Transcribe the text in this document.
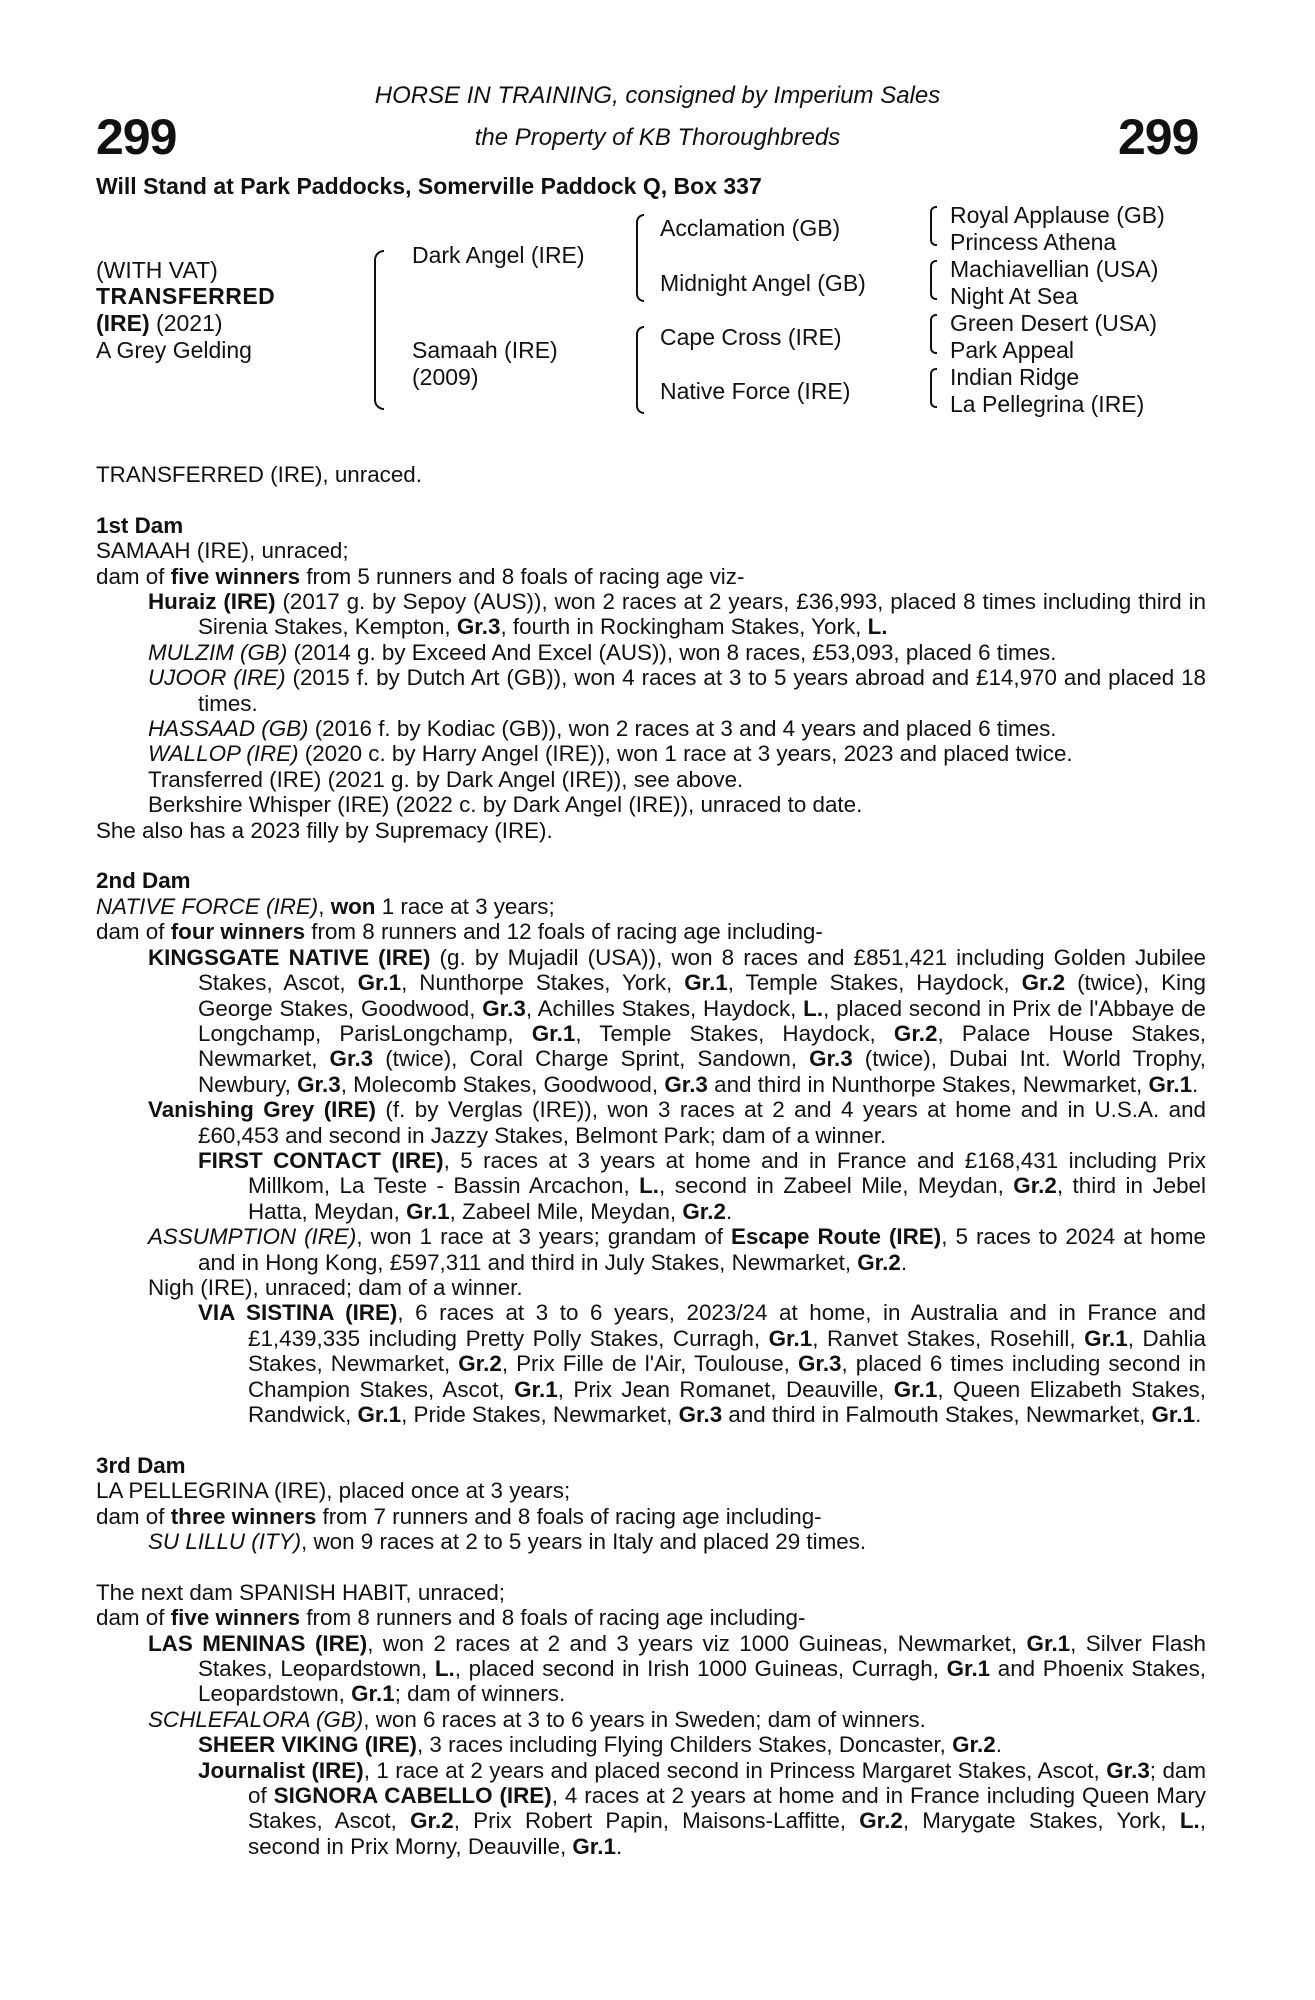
299	299
HORSE IN TRAINING, consigned by Imperium Sales
the Property of KB Thoroughbreds
Will Stand at Park Paddocks, Somerville Paddock Q, Box 337
(WITH VAT)
TRANSFERRED
(IRE) (2021)
A Grey Gelding
Dark Angel (IRE)
Samaah (IRE)
(2009)
Acclamation (GB)
Midnight Angel (GB)
Cape Cross (IRE)
Native Force (IRE)
Royal Applause (GB)
Princess Athena
Machiavellian (USA)
Night At Sea
Green Desert (USA)
Park Appeal
Indian Ridge
La Pellegrina (IRE)

TRANSFERRED (IRE), unraced.

1st Dam

SAMAAH (IRE), unraced;

dam of five winners from 5 runners and 8 foals of racing age viz-

Huraiz (IRE) (2017 g. by Sepoy (AUS)), won 2 races at 2 years, £36,993, placed 8 times including third in Sirenia Stakes, Kempton, Gr.3, fourth in Rockingham Stakes, York, L.

MULZIM (GB) (2014 g. by Exceed And Excel (AUS)), won 8 races, £53,093, placed 6 times.

UJOOR (IRE) (2015 f. by Dutch Art (GB)), won 4 races at 3 to 5 years abroad and £14,970 and placed 18 times.

HASSAAD (GB) (2016 f. by Kodiac (GB)), won 2 races at 3 and 4 years and placed 6 times.

WALLOP (IRE) (2020 c. by Harry Angel (IRE)), won 1 race at 3 years, 2023 and placed twice.

Transferred (IRE) (2021 g. by Dark Angel (IRE)), see above.

Berkshire Whisper (IRE) (2022 c. by Dark Angel (IRE)), unraced to date.

She also has a 2023 filly by Supremacy (IRE).

2nd Dam

NATIVE FORCE (IRE), won 1 race at 3 years;

dam of four winners from 8 runners and 12 foals of racing age including-

KINGSGATE NATIVE (IRE) (g. by Mujadil (USA)), won 8 races and £851,421 including Golden Jubilee Stakes, Ascot, Gr.1, Nunthorpe Stakes, York, Gr.1, Temple Stakes, Haydock, Gr.2 (twice), King George Stakes, Goodwood, Gr.3, Achilles Stakes, Haydock, L., placed second in Prix de l'Abbaye de Longchamp, ParisLongchamp, Gr.1, Temple Stakes, Haydock, Gr.2, Palace House Stakes, Newmarket, Gr.3 (twice), Coral Charge Sprint, Sandown, Gr.3 (twice), Dubai Int. World Trophy, Newbury, Gr.3, Molecomb Stakes, Goodwood, Gr.3 and third in Nunthorpe Stakes, Newmarket, Gr.1.

Vanishing Grey (IRE) (f. by Verglas (IRE)), won 3 races at 2 and 4 years at home and in U.S.A. and £60,453 and second in Jazzy Stakes, Belmont Park; dam of a winner.

FIRST CONTACT (IRE), 5 races at 3 years at home and in France and £168,431 including Prix Millkom, La Teste - Bassin Arcachon, L., second in Zabeel Mile, Meydan, Gr.2, third in Jebel Hatta, Meydan, Gr.1, Zabeel Mile, Meydan, Gr.2.

ASSUMPTION (IRE), won 1 race at 3 years; grandam of Escape Route (IRE), 5 races to 2024 at home and in Hong Kong, £597,311 and third in July Stakes, Newmarket, Gr.2.

Nigh (IRE), unraced; dam of a winner.

VIA SISTINA (IRE), 6 races at 3 to 6 years, 2023/24 at home, in Australia and in France and £1,439,335 including Pretty Polly Stakes, Curragh, Gr.1, Ranvet Stakes, Rosehill, Gr.1, Dahlia Stakes, Newmarket, Gr.2, Prix Fille de l'Air, Toulouse, Gr.3, placed 6 times including second in Champion Stakes, Ascot, Gr.1, Prix Jean Romanet, Deauville, Gr.1, Queen Elizabeth Stakes, Randwick, Gr.1, Pride Stakes, Newmarket, Gr.3 and third in Falmouth Stakes, Newmarket, Gr.1.

3rd Dam

LA PELLEGRINA (IRE), placed once at 3 years;

dam of three winners from 7 runners and 8 foals of racing age including-

SU LILLU (ITY), won 9 races at 2 to 5 years in Italy and placed 29 times.

The next dam SPANISH HABIT, unraced;

dam of five winners from 8 runners and 8 foals of racing age including-

LAS MENINAS (IRE), won 2 races at 2 and 3 years viz 1000 Guineas, Newmarket, Gr.1, Silver Flash Stakes, Leopardstown, L., placed second in Irish 1000 Guineas, Curragh, Gr.1 and Phoenix Stakes, Leopardstown, Gr.1; dam of winners.

SCHLEFALORA (GB), won 6 races at 3 to 6 years in Sweden; dam of winners.

SHEER VIKING (IRE), 3 races including Flying Childers Stakes, Doncaster, Gr.2.

Journalist (IRE), 1 race at 2 years and placed second in Princess Margaret Stakes, Ascot, Gr.3; dam of SIGNORA CABELLO (IRE), 4 races at 2 years at home and in France including Queen Mary Stakes, Ascot, Gr.2, Prix Robert Papin, Maisons-Laffitte, Gr.2, Marygate Stakes, York, L., second in Prix Morny, Deauville, Gr.1.
